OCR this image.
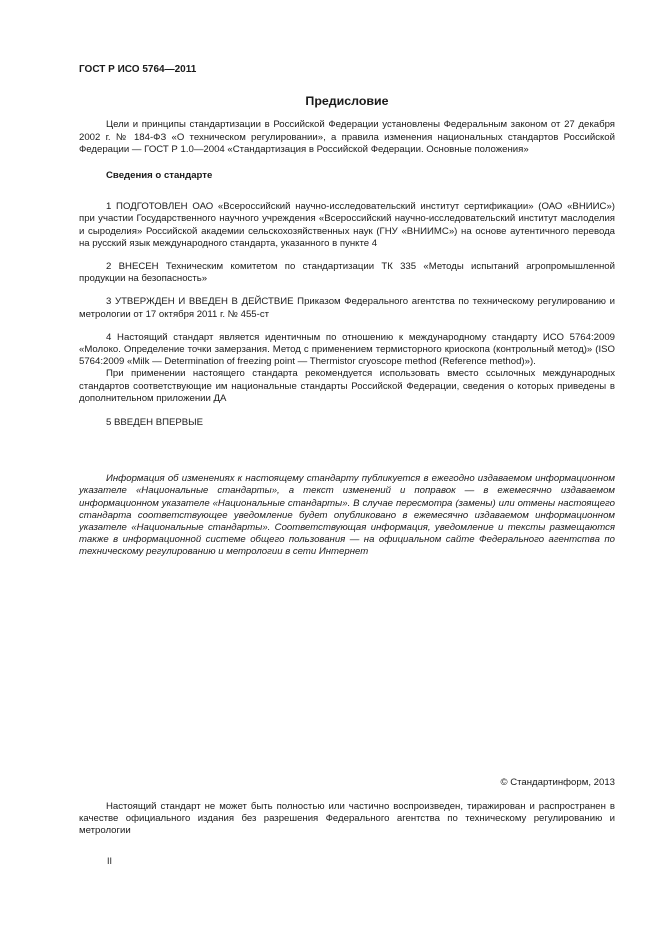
ГОСТ Р ИСО 5764—2011

Предисловие

Цели и принципы стандартизации в Российской Федерации установлены Федеральным законом от 27 декабря 2002 г. № 184-ФЗ «О техническом регулировании», а правила изменения национальных стандартов Российской Федерации — ГОСТ Р 1.0—2004 «Стандартизация в Российской Федерации. Основные положения»

Сведения о стандарте

1 ПОДГОТОВЛЕН ОАО «Всероссийский научно-исследовательский институт сертификации» (ОАО «ВНИИС») при участии Государственного научного учреждения «Всероссийский научно-исследовательский институт маслоделия и сыроделия» Российской академии сельскохозяйственных наук (ГНУ «ВНИИМС») на основе аутентичного перевода на русский язык международного стандарта, указанного в пункте 4

2 ВНЕСЕН Техническим комитетом по стандартизации ТК 335 «Методы испытаний агропромышленной продукции на безопасность»

3 УТВЕРЖДЕН И ВВЕДЕН В ДЕЙСТВИЕ Приказом Федерального агентства по техническому регулированию и метрологии от 17 октября 2011 г. № 455-ст

4 Настоящий стандарт является идентичным по отношению к международному стандарту ИСО 5764:2009 «Молоко. Определение точки замерзания. Метод с применением термисторного криоскопа (контрольный метод)» (ISO 5764:2009 «Milk — Determination of freezing point — Thermistor cryoscope method (Reference method)»).

При применении настоящего стандарта рекомендуется использовать вместо ссылочных международных стандартов соответствующие им национальные стандарты Российской Федерации, сведения о которых приведены в дополнительном приложении ДА

5 ВВЕДЕН ВПЕРВЫЕ

Информация об изменениях к настоящему стандарту публикуется в ежегодно издаваемом информационном указателе «Национальные стандарты», а текст изменений и поправок — в ежемесячно издаваемом информационном указателе «Национальные стандарты». В случае пересмотра (замены) или отмены настоящего стандарта соответствующее уведомление будет опубликовано в ежемесячно издаваемом информационном указателе «Национальные стандарты». Соответствующая информация, уведомление и тексты размещаются также в информационной системе общего пользования — на официальном сайте Федерального агентства по техническому регулированию и метрологии в сети Интернет

© Стандартинформ, 2013

Настоящий стандарт не может быть полностью или частично воспроизведен, тиражирован и распространен в качестве официального издания без разрешения Федерального агентства по техническому регулированию и метрологии

II
